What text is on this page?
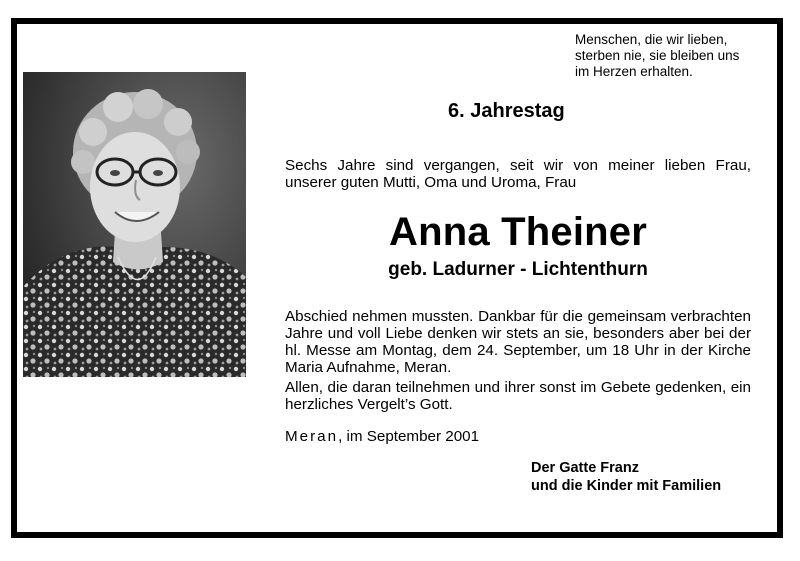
Menschen, die wir lieben,
sterben nie, sie bleiben uns
im Herzen erhalten.
6. Jahrestag
Sechs Jahre sind vergangen, seit wir von meiner lieben Frau, unserer guten Mutti, Oma und Uroma, Frau
Anna Theiner
geb. Ladurner - Lichtenthurn
Abschied nehmen mussten. Dankbar für die gemeinsam verbrachten Jahre und voll Liebe denken wir stets an sie, besonders aber bei der hl. Messe am Montag, dem 24. September, um 18 Uhr in der Kirche Maria Aufnahme, Meran.
Allen, die daran teilnehmen und ihrer sonst im Gebete gedenken, ein herzliches Vergelt’s Gott.
Meran, im September 2001
Der Gatte Franz
und die Kinder mit Familien
